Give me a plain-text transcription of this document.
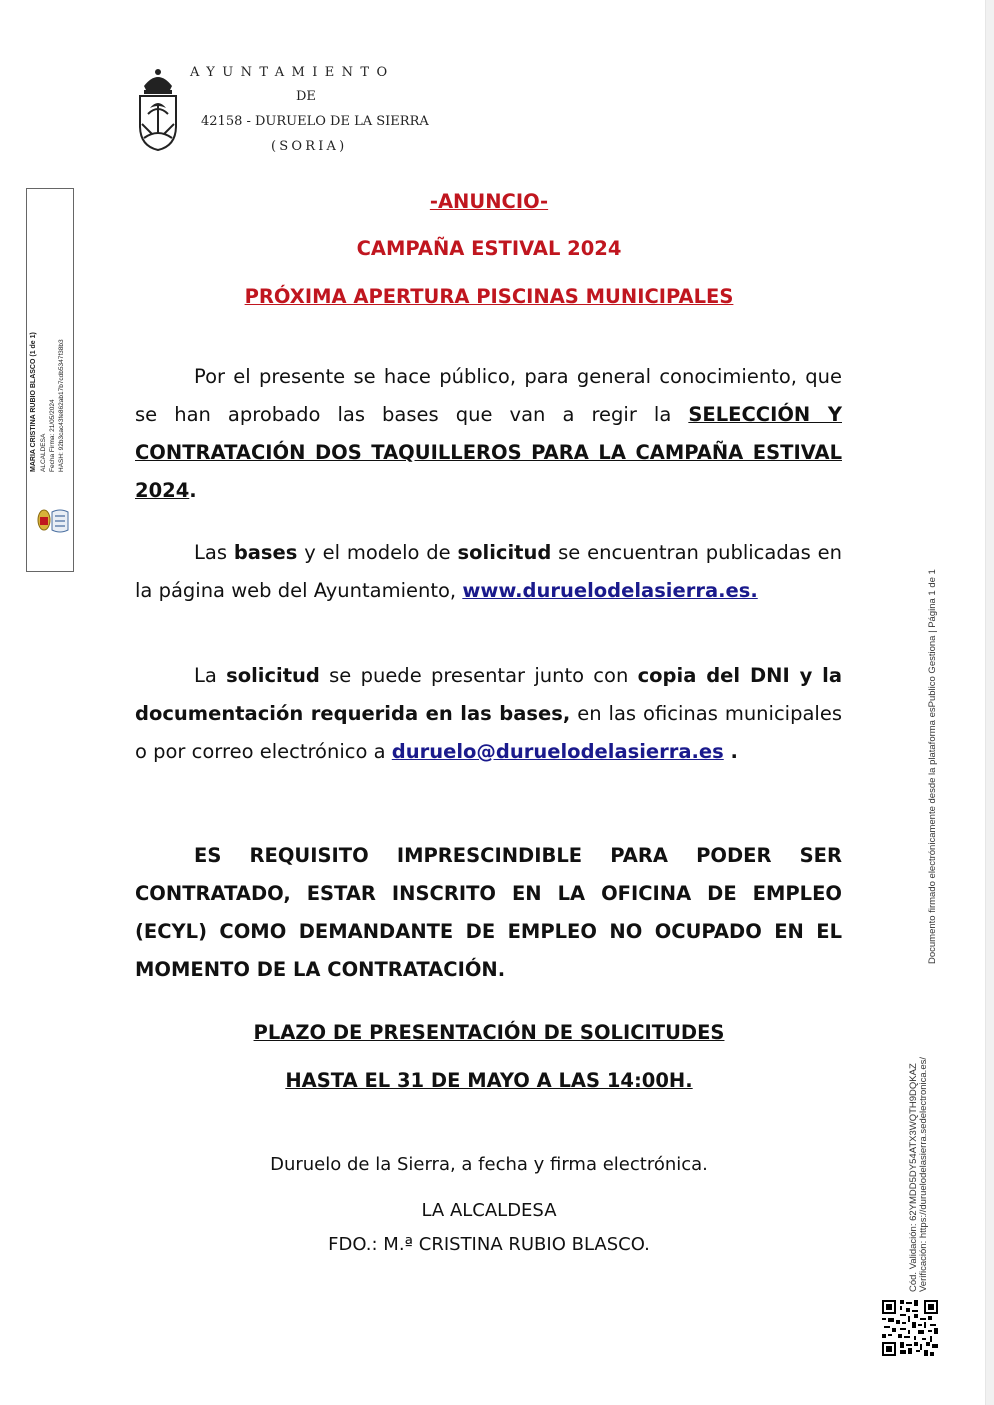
AYUNTAMIENTO
DE
42158 - DURUELO DE LA SIERRA
(SORIA)
MARIA CRISTINA RUBIO BLASCO (1 de 1) ALCALDESA Fecha Firma: 21/05/2024 HASH: 92b3cac43fe862ab17b7cdb5347f38b3
-ANUNCIO-
CAMPAÑA ESTIVAL 2024
PRÓXIMA APERTURA PISCINAS MUNICIPALES

Por el presente se hace público, para general conocimiento, que se han aprobado las bases que van a regir la SELECCIÓN Y CONTRATACIÓN DOS TAQUILLEROS PARA LA CAMPAÑA ESTIVAL 2024.

Las bases y el modelo de solicitud se encuentran publicadas en la página web del Ayuntamiento, www.duruelodelasierra.es.

La solicitud se puede presentar junto con copia del DNI y la documentación requerida en las bases, en las oficinas municipales o por correo electrónico a duruelo@duruelodelasierra.es .

ES REQUISITO IMPRESCINDIBLE PARA PODER SER CONTRATADO, ESTAR INSCRITO EN LA OFICINA DE EMPLEO (ECYL) COMO DEMANDANTE DE EMPLEO NO OCUPADO EN EL MOMENTO DE LA CONTRATACIÓN.

PLAZO DE PRESENTACIÓN DE SOLICITUDES
HASTA EL 31 DE MAYO A LAS 14:00H.
Duruelo de la Sierra, a fecha y firma electrónica.
LA ALCALDESA
FDO.: M.ª CRISTINA RUBIO BLASCO.
Documento firmado electrónicamente desde la plataforma esPublico Gestiona | Página 1 de 1
Cód. Validación: 62YMDD5DY54ATX3WQTH9DQKAZ Verificación: https://duruelodelasierra.sedelectronica.es/
